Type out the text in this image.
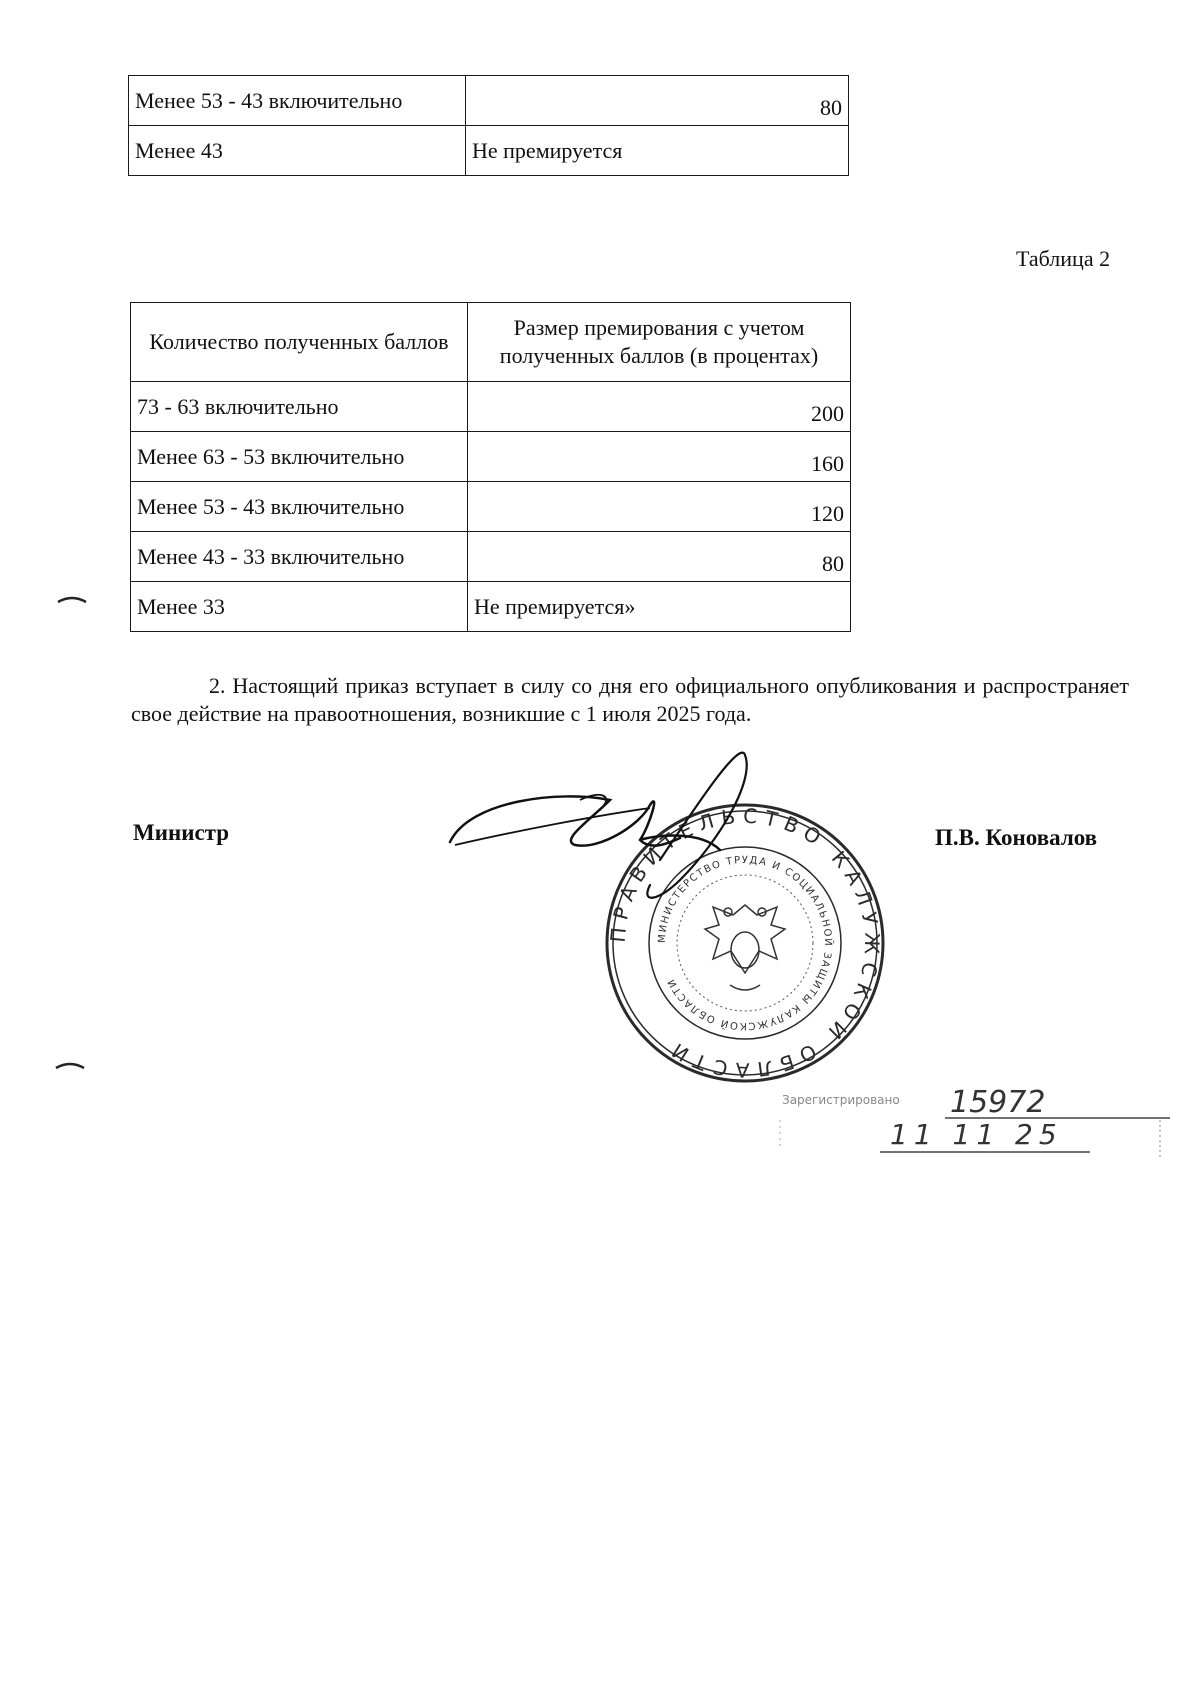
Менее 53 - 43 включительно	80
Менее 43	Не премируется
Таблица 2
Количество полученных баллов	Размер премирования с учетом полученных баллов (в процентах)
73 - 63 включительно	200
Менее 63 - 53 включительно	160
Менее 53 - 43 включительно	120
Менее 43 - 33 включительно	80
Менее 33	Не премируется»
2. Настоящий приказ вступает в силу со дня его официального опубликования и распространяет свое действие на правоотношения, возникшие с 1 июля 2025 года.
Министр	П.В. Коновалов
ПРАВИТЕЛЬСТВО КАЛУЖСКОЙ ОБЛАСТИ
МИНИСТЕРСТВО ТРУДА И СОЦИАЛЬНОЙ ЗАЩИТЫ КАЛУЖСКОЙ ОБЛАСТИ
Зарегистрировано 15972
11 11 25
